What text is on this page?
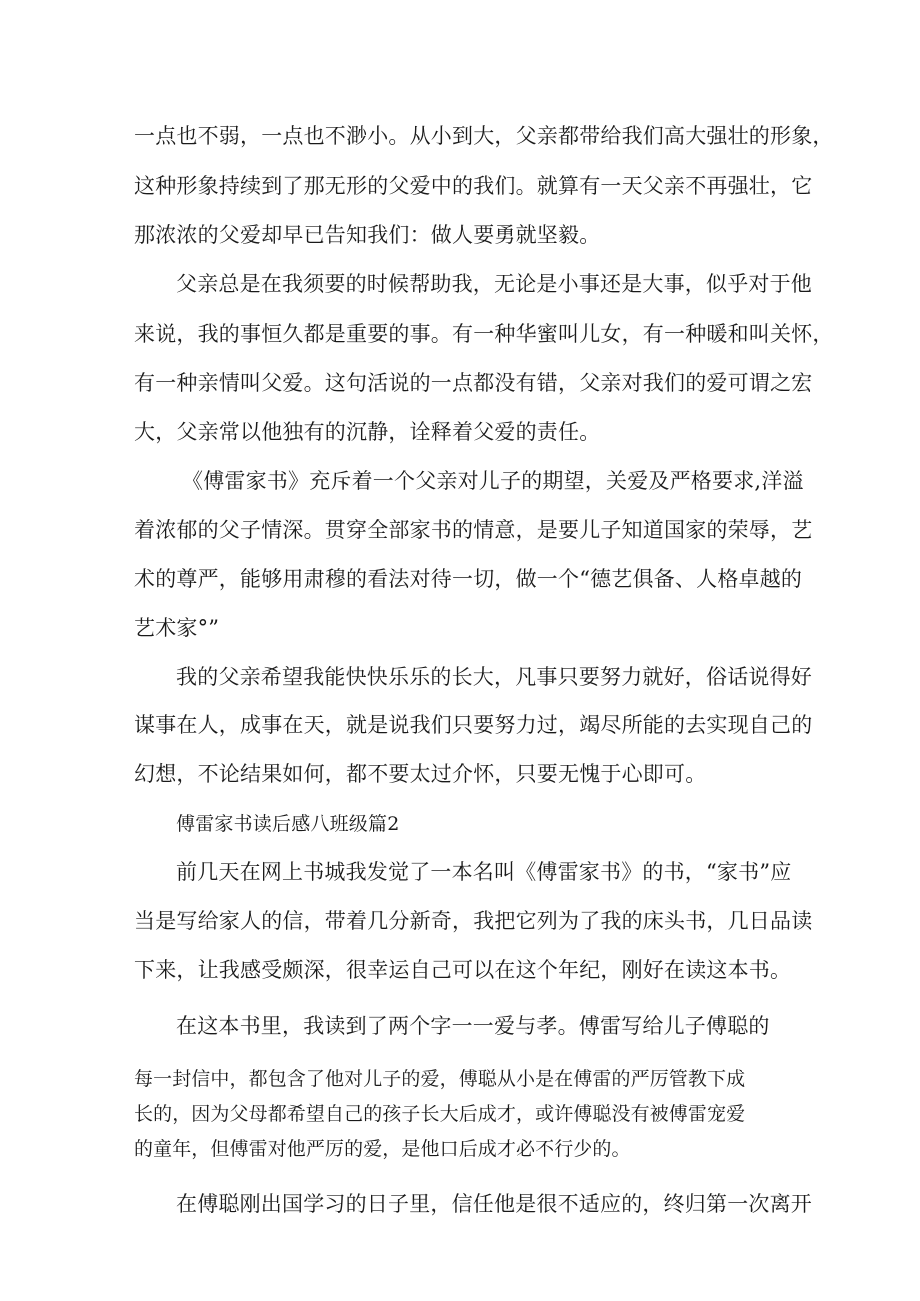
一点也不弱，一点也不渺小。从小到大，父亲都带给我们高大强壮的形象，
这种形象持续到了那无形的父爱中的我们。就算有一天父亲不再强壮，它
那浓浓的父爱却早已告知我们：做人要勇就坚毅。
父亲总是在我须要的时候帮助我，无论是小事还是大事，似乎对于他
来说，我的事恒久都是重要的事。有一种华蜜叫儿女，有一种暖和叫关怀，
有一种亲情叫父爱。这句活说的一点都没有错，父亲对我们的爱可谓之宏
大，父亲常以他独有的沉静，诠释着父爱的责任。
《傅雷家书》充斥着一个父亲对儿子的期望，关爱及严格要求,洋溢
着浓郁的父子情深。贯穿全部家书的情意，是要儿子知道国家的荣辱，艺
术的尊严，能够用肃穆的看法对待一切，做一个“德艺俱备、人格卓越的
艺术家°”
我的父亲希望我能快快乐乐的长大，凡事只要努力就好，俗话说得好
谋事在人，成事在天，就是说我们只要努力过，竭尽所能的去实现自己的
幻想，不论结果如何，都不要太过介怀，只要无愧于心即可。
傅雷家书读后感八班级篇2
前几天在网上书城我发觉了一本名叫《傅雷家书》的书，“家书”应
当是写给家人的信，带着几分新奇，我把它列为了我的床头书，几日品读
下来，让我感受颇深，很幸运自己可以在这个年纪，刚好在读这本书。
在这本书里，我读到了两个字一一爱与孝。傅雷写给儿子傅聪的
每一封信中，都包含了他对儿子的爱，傅聪从小是在傅雷的严厉管教下成
长的，因为父母都希望自己的孩子长大后成才，或许傅聪没有被傅雷宠爱
的童年，但傅雷对他严厉的爱，是他口后成才必不行少的。
在傅聪刚出国学习的日子里，信任他是很不适应的，终归第一次离开
